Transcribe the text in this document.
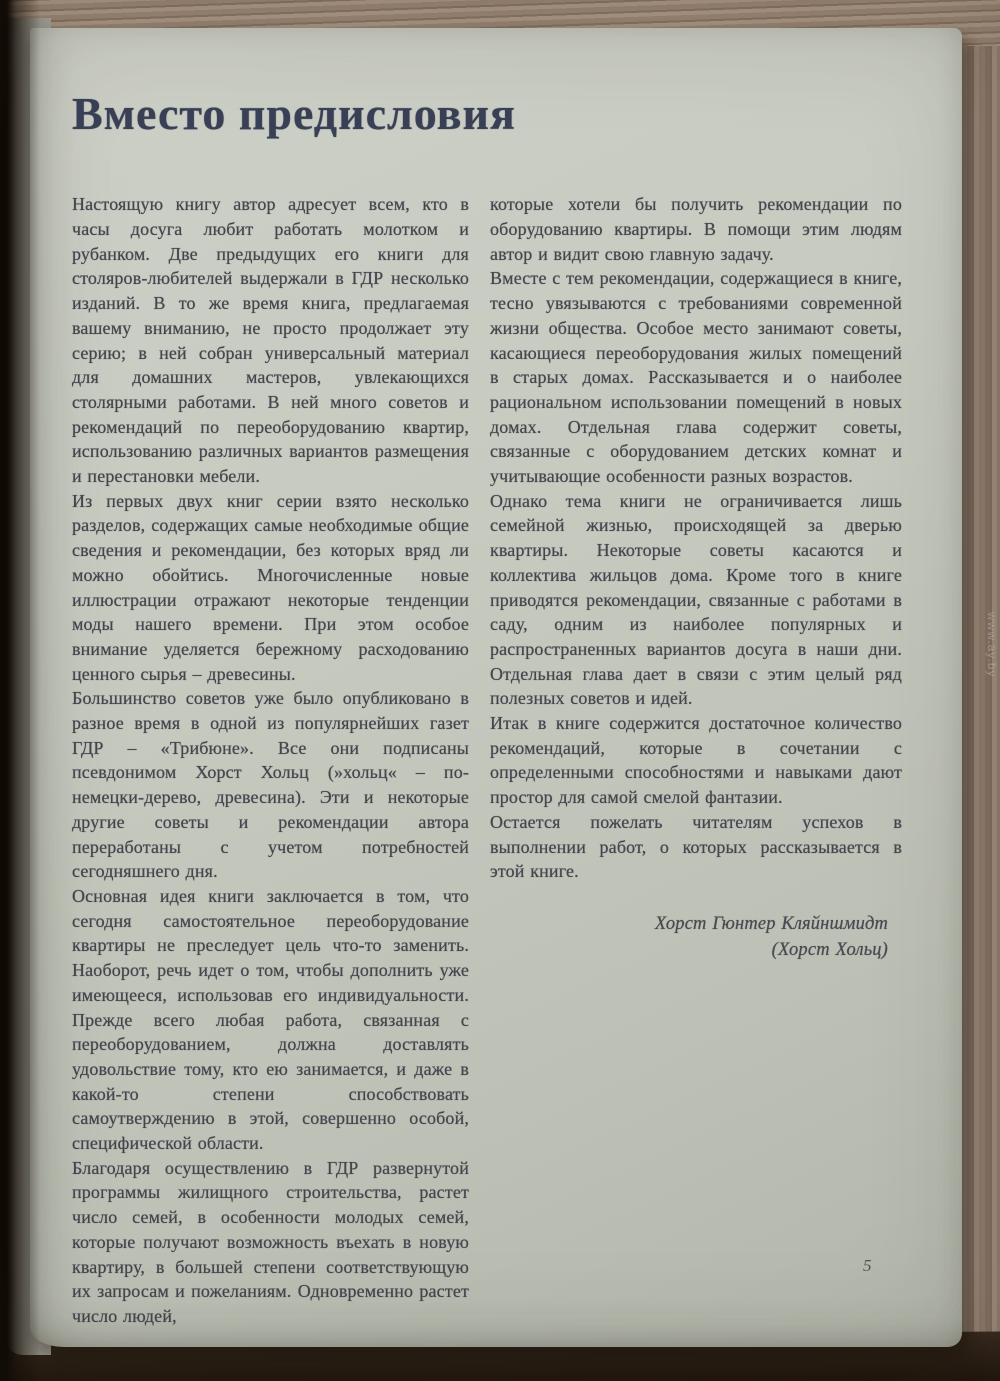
Вместо предисловия

Настоящую книгу автор адресует всем, кто в часы досуга любит работать молотком и рубанком. Две предыдущих его книги для столяров-любителей выдержали в ГДР несколько изданий. В то же время книга, предлагаемая вашему вниманию, не просто продолжает эту серию; в ней собран универсальный материал для домашних мастеров, увлекающихся столярными работами. В ней много советов и рекомендаций по переоборудованию квартир, использованию различных вариантов размещения и перестановки мебели.

Из первых двух книг серии взято несколько разделов, содержащих самые необходимые общие сведения и рекомендации, без которых вряд ли можно обойтись. Многочисленные новые иллюстрации отражают некоторые тенденции моды нашего времени. При этом особое внимание уделяется бережному расходованию ценного сырья – древесины.

Большинство советов уже было опубликовано в разное время в одной из популярнейших газет ГДР – «Трибюне». Все они подписаны псевдонимом Хорст Хольц (»хольц« – по-немецки-дерево, древесина). Эти и некоторые другие советы и рекомендации автора переработаны с учетом потребностей сегодняшнего дня.

Основная идея книги заключается в том, что сегодня самостоятельное переоборудование квартиры не преследует цель что-то заменить. Наоборот, речь идет о том, чтобы дополнить уже имеющееся, использовав его индивидуальности. Прежде всего любая работа, связанная с переоборудованием, должна доставлять удовольствие тому, кто ею занимается, и даже в какой-то степени способствовать самоутверждению в этой, совершенно особой, специфической области.

Благодаря осуществлению в ГДР развернутой программы жилищного строительства, растет число семей, в особенности молодых семей, которые получают возможность въехать в новую квартиру, в большей степени соответствующую их запросам и пожеланиям. Одновременно растет число людей,

которые хотели бы получить рекомендации по оборудованию квартиры. В помощи этим людям автор и видит свою главную задачу.

Вместе с тем рекомендации, содержащиеся в книге, тесно увязываются с требованиями современной жизни общества. Особое место занимают советы, касающиеся переоборудования жилых помещений в старых домах. Рассказывается и о наиболее рациональном использовании помещений в новых домах. Отдельная глава содержит советы, связанные с оборудованием детских комнат и учитывающие особенности разных возрастов.

Однако тема книги не ограничивается лишь семейной жизнью, происходящей за дверью квартиры. Некоторые советы касаются и коллектива жильцов дома. Кроме того в книге приводятся рекомендации, связанные с работами в саду, одним из наиболее популярных и распространенных вариантов досуга в наши дни. Отдельная глава дает в связи с этим целый ряд полезных советов и идей.

Итак в книге содержится достаточное количество рекомендаций, которые в сочетании с определенными способностями и навыками дают простор для самой смелой фантазии.

Остается пожелать читателям успехов в выполнении работ, о которых рассказывается в этой книге.

Хорст Гюнтер Кляйншмидт
(Хорст Хольц)
5
www.ay.by
